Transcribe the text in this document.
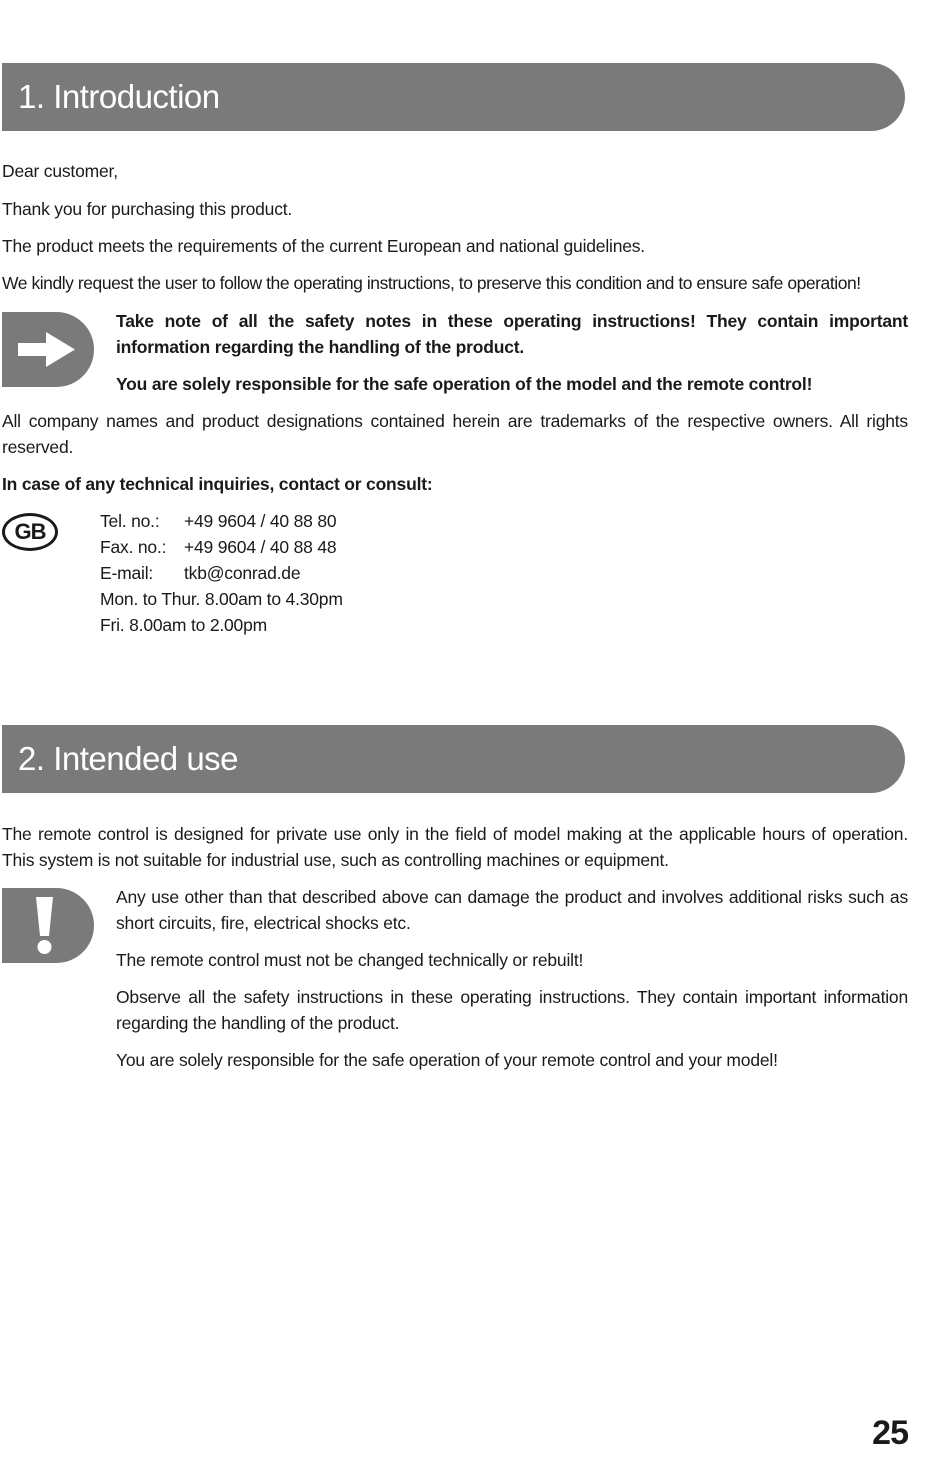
1. Introduction
Dear customer,
Thank you for purchasing this product.
The product meets the requirements of the current European and national guidelines.
We kindly request the user to follow the operating instructions, to preserve this condition and to ensure safe operation!
Take note of all the safety notes in these operating instructions! They contain important information regarding the handling of the product.
You are solely responsible for the safe operation of the model and the remote control!
All company names and product designations contained herein are trademarks of the respective owners. All rights reserved.
In case of any technical inquiries, contact or consult:
GB	Tel. no.: +49 9604 / 40 88 80
Fax. no.: +49 9604 / 40 88 48
E-mail: tkb@conrad.de
Mon. to Thur. 8.00am to 4.30pm
Fri. 8.00am to 2.00pm
2. Intended use
The remote control is designed for private use only in the field of model making at the applicable hours of operation. This system is not suitable for industrial use, such as controlling machines or equipment.
Any use other than that described above can damage the product and involves additional risks such as short circuits, fire, electrical shocks etc.
The remote control must not be changed technically or rebuilt!
Observe all the safety instructions in these operating instructions. They contain important information regarding the handling of the product.
You are solely responsible for the safe operation of your remote control and your model!
25
